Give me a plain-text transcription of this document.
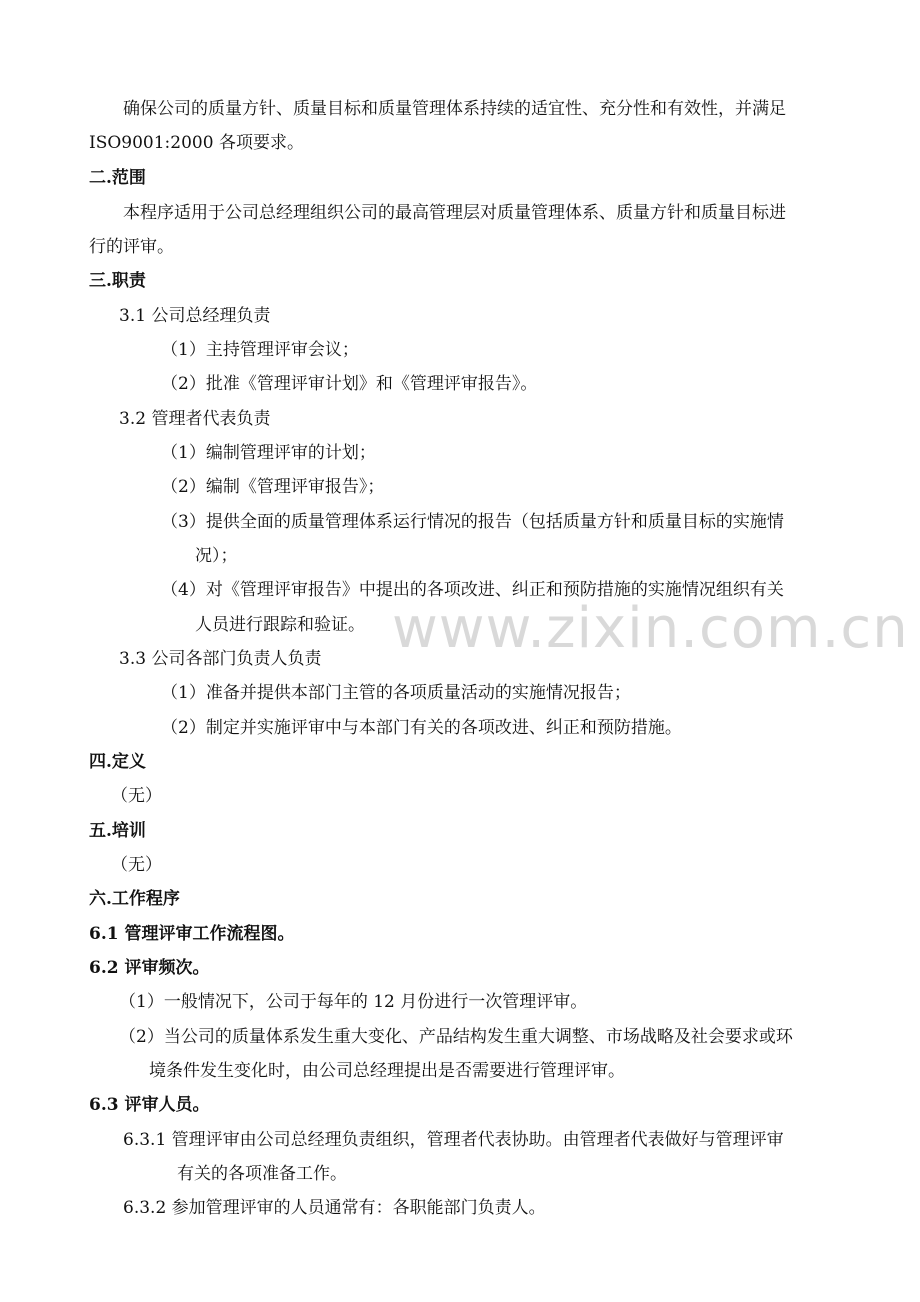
确保公司的质量方针、质量目标和质量管理体系持续的适宜性、充分性和有效性，并满足
ISO9001:2000 各项要求。
二.范围
本程序适用于公司总经理组织公司的最高管理层对质量管理体系、质量方针和质量目标进
行的评审。
三.职责
3.1 公司总经理负责
（1）主持管理评审会议；
（2）批准《管理评审计划》和《管理评审报告》。
3.2 管理者代表负责
（1）编制管理评审的计划；
（2）编制《管理评审报告》；
（3）提供全面的质量管理体系运行情况的报告（包括质量方针和质量目标的实施情
况）；
（4）对《管理评审报告》中提出的各项改进、纠正和预防措施的实施情况组织有关
人员进行跟踪和验证。
3.3 公司各部门负责人负责
（1）准备并提供本部门主管的各项质量活动的实施情况报告；
（2）制定并实施评审中与本部门有关的各项改进、纠正和预防措施。
四.定义
（无）
五.培训
（无）
六.工作程序
6.1 管理评审工作流程图。
6.2 评审频次。
（1）一般情况下，公司于每年的 12 月份进行一次管理评审。
（2）当公司的质量体系发生重大变化、产品结构发生重大调整、市场战略及社会要求或环
境条件发生变化时，由公司总经理提出是否需要进行管理评审。
6.3 评审人员。
6.3.1 管理评审由公司总经理负责组织，管理者代表协助。由管理者代表做好与管理评审
有关的各项准备工作。
6.3.2 参加管理评审的人员通常有：各职能部门负责人。
www.zixin.com.cn
